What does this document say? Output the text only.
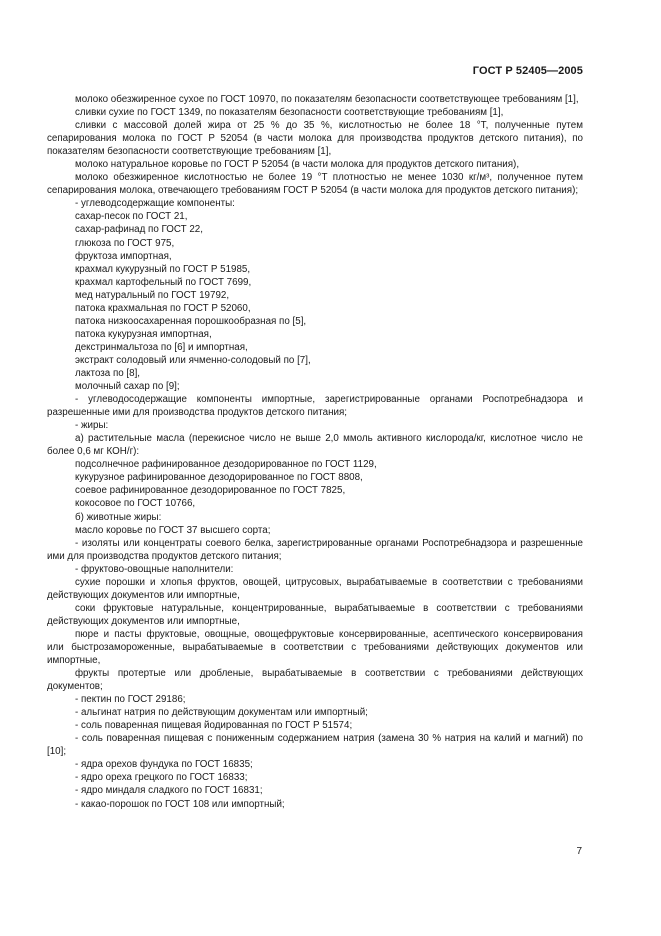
ГОСТ Р 52405—2005

молоко обезжиренное сухое по ГОСТ 10970, по показателям безопасности соответствующее требованиям [1],

сливки сухие по ГОСТ 1349, по показателям безопасности соответствующие требованиям [1],

сливки с массовой долей жира от 25 % до 35 %, кислотностью не более 18 °Т, полученные путем сепарирования молока по ГОСТ Р 52054 (в части молока для производства продуктов детского питания), по показателям безопасности соответствующие требованиям [1],

молоко натуральное коровье по ГОСТ Р 52054 (в части молока для продуктов детского питания),

молоко обезжиренное кислотностью не более 19 °Т плотностью не менее 1030 кг/м³, полученное путем сепарирования молока, отвечающего требованиям ГОСТ Р 52054 (в части молока для продуктов детского питания);

- углеводсодержащие компоненты:

сахар-песок по ГОСТ 21,

сахар-рафинад по ГОСТ 22,

глюкоза по ГОСТ 975,

фруктоза импортная,

крахмал кукурузный по ГОСТ Р 51985,

крахмал картофельный по ГОСТ 7699,

мед натуральный по ГОСТ 19792,

патока крахмальная по ГОСТ Р 52060,

патока низкоосахаренная порошкообразная по [5],

патока кукурузная импортная,

декстринмальтоза по [6] и импортная,

экстракт солодовый или ячменно-солодовый по [7],

лактоза по [8],

молочный сахар по [9];

- углеводосодержащие компоненты импортные, зарегистрированные органами Роспотребнадзора и разрешенные ими для производства продуктов детского питания;

- жиры:

а) растительные масла (перекисное число не выше 2,0 ммоль активного кислорода/кг, кислотное число не более 0,6 мг КОН/г):

подсолнечное рафинированное дезодорированное по ГОСТ 1129,

кукурузное рафинированное дезодорированное по ГОСТ 8808,

соевое рафинированное дезодорированное по ГОСТ 7825,

кокосовое по ГОСТ 10766,

б) животные жиры:

масло коровье по ГОСТ 37 высшего сорта;

- изоляты или концентраты соевого белка, зарегистрированные органами Роспотребнадзора и разрешенные ими для производства продуктов детского питания;

- фруктово-овощные наполнители:

сухие порошки и хлопья фруктов, овощей, цитрусовых, вырабатываемые в соответствии с требованиями действующих документов или импортные,

соки фруктовые натуральные, концентрированные, вырабатываемые в соответствии с требованиями действующих документов или импортные,

пюре и пасты фруктовые, овощные, овощефруктовые консервированные, асептического консервирования или быстрозамороженные, вырабатываемые в соответствии с требованиями действующих документов или импортные,

фрукты протертые или дробленые, вырабатываемые в соответствии с требованиями действующих документов;

- пектин по ГОСТ 29186;

- альгинат натрия по действующим документам или импортный;

- соль поваренная пищевая йодированная по ГОСТ Р 51574;

- соль поваренная пищевая с пониженным содержанием натрия (замена 30 % натрия на калий и магний) по [10];

- ядра орехов фундука по ГОСТ 16835;

- ядро ореха грецкого по ГОСТ 16833;

- ядро миндаля сладкого по ГОСТ 16831;

- какао-порошок по ГОСТ 108 или импортный;

7
